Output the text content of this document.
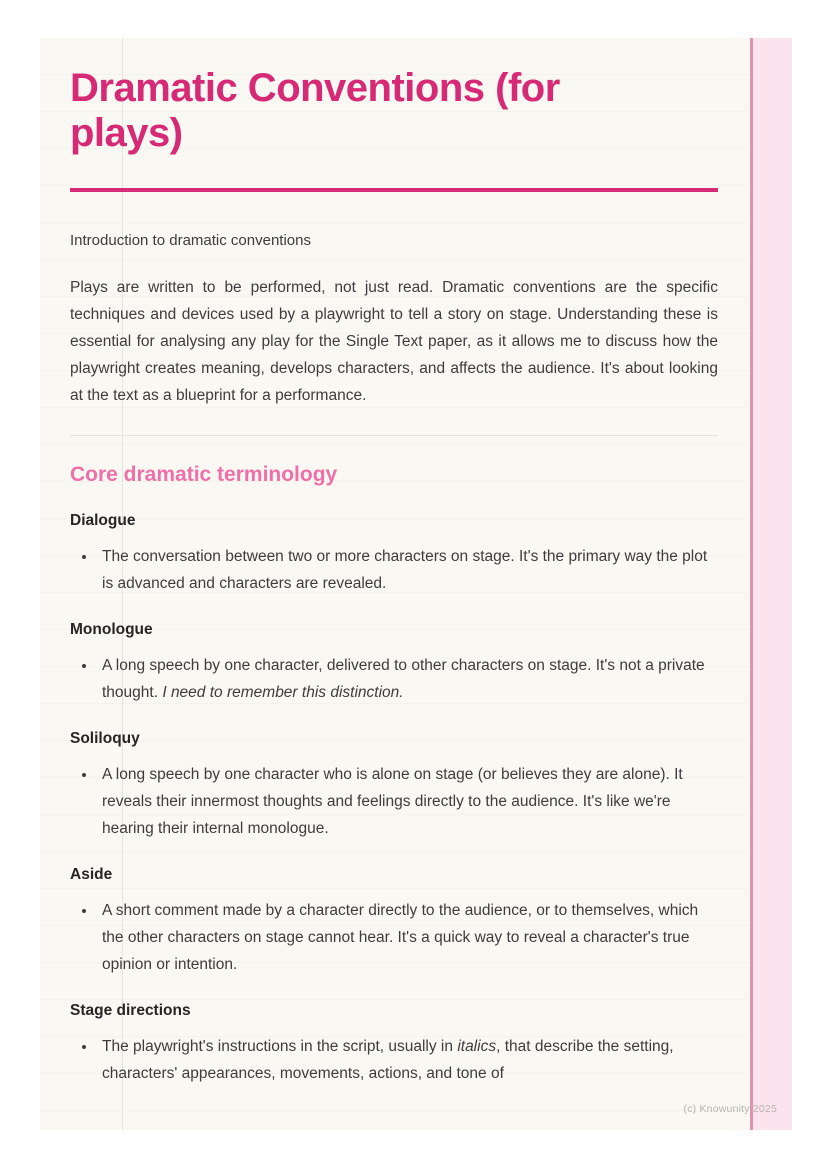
Dramatic Conventions (for plays)

Introduction to dramatic conventions

Plays are written to be performed, not just read. Dramatic conventions are the specific techniques and devices used by a playwright to tell a story on stage. Understanding these is essential for analysing any play for the Single Text paper, as it allows me to discuss how the playwright creates meaning, develops characters, and affects the audience. It's about looking at the text as a blueprint for a performance.

Core dramatic terminology
Dialogue
• The conversation between two or more characters on stage. It's the primary way the plot is advanced and characters are revealed.
Monologue
• A long speech by one character, delivered to other characters on stage. It's not a private thought. I need to remember this distinction.
Soliloquy
• A long speech by one character who is alone on stage (or believes they are alone). It reveals their innermost thoughts and feelings directly to the audience. It's like we're hearing their internal monologue.
Aside
• A short comment made by a character directly to the audience, or to themselves, which the other characters on stage cannot hear. It's a quick way to reveal a character's true opinion or intention.
Stage directions
• The playwright's instructions in the script, usually in italics, that describe the setting, characters' appearances, movements, actions, and tone of
(c) Knowunity 2025
